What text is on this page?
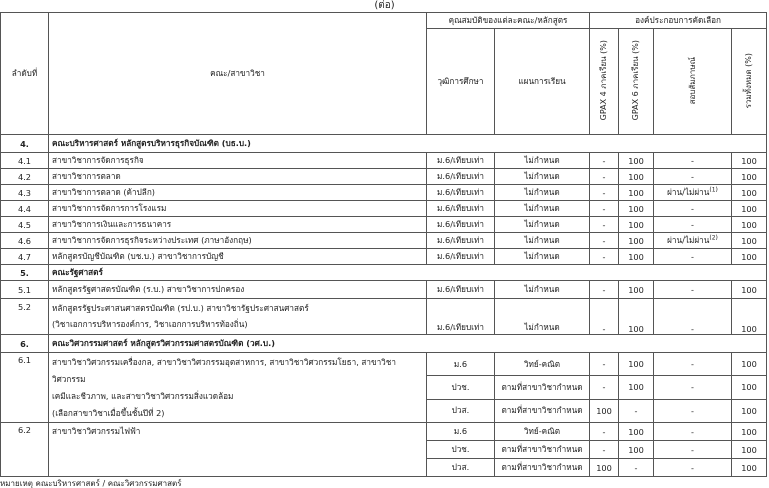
(ต่อ)
ลำดับที่	คณะ/สาขาวิชา	คุณสมบัติของแต่ละคณะ/หลักสูตร		องค์ประกอบการคัดเลือก			
		วุฒิการศึกษา	แผนการเรียน	GPAX 4 ภาคเรียน (%)	GPAX 6 ภาคเรียน (%)	สอบสัมภาษณ์	รวมทั้งหมด (%)
4.	คณะบริหารศาสตร์ หลักสูตรบริหารธุรกิจบัณฑิต (บธ.บ.)						
4.1	สาขาวิชาการจัดการธุรกิจ	ม.6/เทียบเท่า	ไม่กำหนด	-	100	-	100
4.2	สาขาวิชาการตลาด	ม.6/เทียบเท่า	ไม่กำหนด	-	100	-	100
4.3	สาขาวิชาการตลาด (ค้าปลีก)	ม.6/เทียบเท่า	ไม่กำหนด	-	100	ผ่าน/ไม่ผ่าน$^{(1)}$	100
4.4	สาขาวิชาการจัดการการโรงแรม	ม.6/เทียบเท่า	ไม่กำหนด	-	100	-	100
4.5	สาขาวิชาการเงินและการธนาคาร	ม.6/เทียบเท่า	ไม่กำหนด	-	100	-	100
4.6	สาขาวิชาการจัดการธุรกิจระหว่างประเทศ (ภาษาอังกฤษ)	ม.6/เทียบเท่า	ไม่กำหนด	-	100	ผ่าน/ไม่ผ่าน$^{(2)}$	100
4.7	หลักสูตรบัญชีบัณฑิต (บช.บ.) สาขาวิชาการบัญชี	ม.6/เทียบเท่า	ไม่กำหนด	-	100	-	100
5.	คณะรัฐศาสตร์						
5.1	หลักสูตรรัฐศาสตรบัณฑิต (ร.บ.) สาขาวิชาการปกครอง	ม.6/เทียบเท่า	ไม่กำหนด	-	100	-	100
5.2	หลักสูตรรัฐประศาสนศาสตรบัณฑิต (รป.บ.) สาขาวิชารัฐประศาสนศาสตร์
(วิชาเอกการบริหารองค์การ, วิชาเอกการบริหารท้องถิ่น)	ม.6/เทียบเท่า	ไม่กำหนด	-	100	-	100
6.	คณะวิศวกรรมศาสตร์ หลักสูตรวิศวกรรมศาสตรบัณฑิต (วศ.บ.)						
6.1	สาขาวิชาวิศวกรรมเครื่องกล, สาขาวิชาวิศวกรรมอุตสาหการ, สาขาวิชาวิศวกรรมโยธา, สาขาวิชาวิศวกรรม
เคมีและชีวภาพ, และสาขาวิชาวิศวกรรมสิ่งแวดล้อม
(เลือกสาขาวิชาเมื่อขึ้นชั้นปีที่ 2)	ม.6	วิทย์-คณิต	-	100	-	100
		ปวช.	ตามที่สาขาวิชากำหนด	-	100	-	100
		ปวส.	ตามที่สาขาวิชากำหนด	100	-	-	100
6.2	สาขาวิชาวิศวกรรมไฟฟ้า	ม.6	วิทย์-คณิต	-	100	-	100
		ปวช.	ตามที่สาขาวิชากำหนด	-	100	-	100
		ปวส.	ตามที่สาขาวิชากำหนด	100	-	-	100
หมายเหตุ คณะบริหารศาสตร์ / คณะวิศวกรรมศาสตร์
